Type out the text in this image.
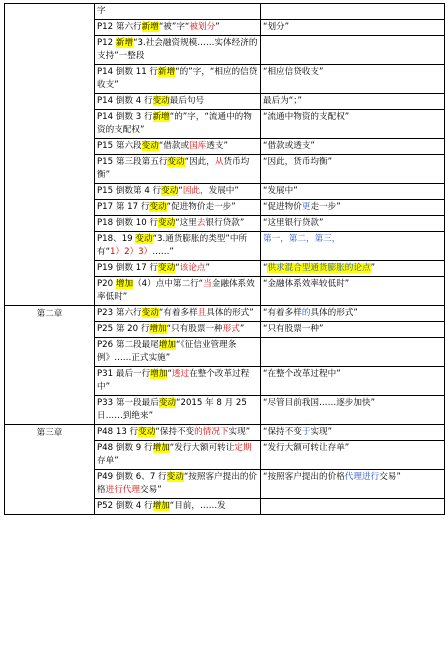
	字	
	P12 第六行新增“被”字“被划分”	“划分”
	P12 新增“3.社会融资规模……实体经济的支持”一整段	
	P14 倒数 11 行新增“的”字，“相应的信贷收支”	“相应信贷收支”
	P14 倒数 4 行变动最后句号	最后为“；”
	P14 倒数 3 行新增“的”字，“流通中的物资的支配权”	“流通中物资的支配权”
	P15 第六段变动“借款或国库透支”	“借款或透支”
	P15 第三段第五行变动“因此，从货币均衡”	“因此，货币均衡”
	P15 倒数第 4 行变动“因此，发展中”	“发展中”
	P17 第 17 行变动“促进物价走一步”	“促进物价更走一步”
	P18 倒数 10 行变动“这里去银行贷款”	“这里银行贷款”
	P18、19 变动“3.通货膨胀的类型”中所有“1）2）3）……”	第一，第二，第三，
	P19 倒数 17 行变动“该论点”	“供求混合型通货膨胀的论点”
	P20 增加（4）点中第二行“当金融体系效率低时”	“金融体系效率较低时”
第二章	P23 第六行变动“有着多样且具体的形式”	“有着多样的具体的形式”
	P25 第 20 行增加“只有股票一种形式”	“只有股票一种”
	P26 第二段最尾增加“《征信业管理条例》……正式实施”	
	P31 最后一行增加“透过在整个改革过程中”	“在整个改革过程中”
	P33 第一段最后变动“2015 年 8 月 25 日……到绝来”	“尽管目前我国……逐步加快”
第三章	P48 13 行变动“保持不变的情况下实现”	“保持不变于实现”
	P48 倒数 9 行增加“发行大额可转让定期存单”	“发行大额可转让存单”
	P49 倒数 6、7 行变动“按照客户提出的价格进行代理交易”	“按照客户提出的价格代理进行交易”
	P52 倒数 4 行增加“目前，……发	
